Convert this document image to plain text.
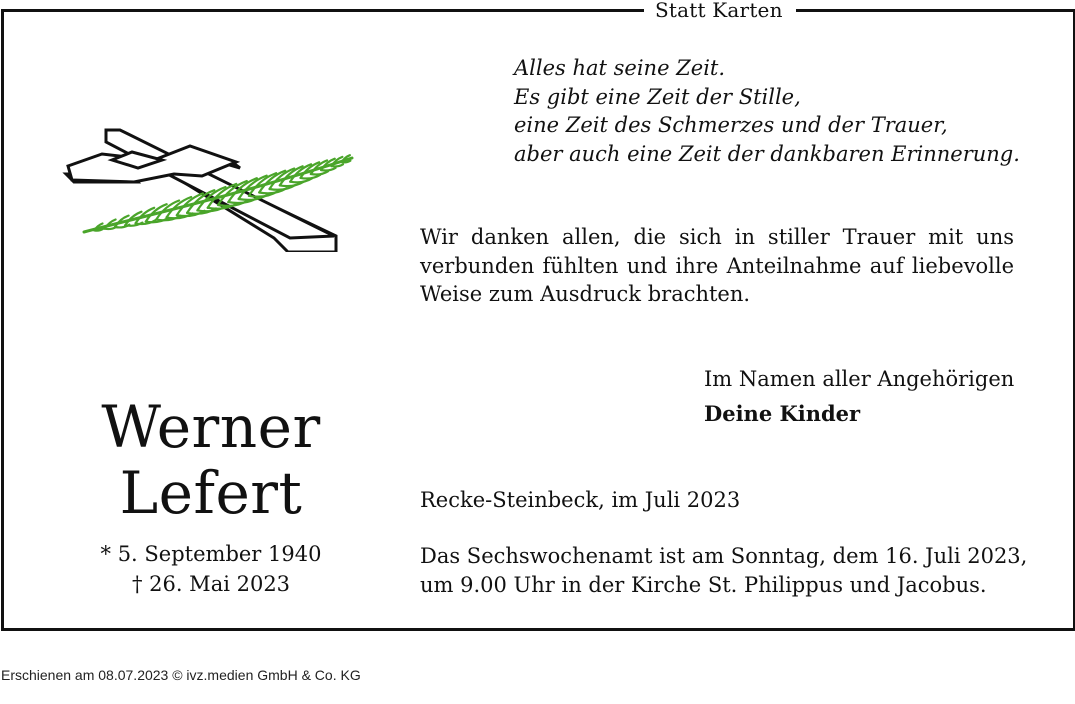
Statt Karten
Alles hat seine Zeit.
Es gibt eine Zeit der Stille,
eine Zeit des Schmerzes und der Trauer,
aber auch eine Zeit der dankbaren Erinnerung.
Wir danken allen, die sich in stiller Trauer mit uns verbunden fühlten und ihre Anteilnahme auf liebevolle Weise zum Ausdruck brachten.
Im Namen aller Angehörigen
Deine Kinder
Werner
Lefert
* 5. September 1940
† 26. Mai 2023
Recke-Steinbeck, im Juli 2023
Das Sechswochenamt ist am Sonntag, dem 16. Juli 2023,
um 9.00 Uhr in der Kirche St. Philippus und Jacobus.
Erschienen am 08.07.2023 © ivz.medien GmbH & Co. KG
